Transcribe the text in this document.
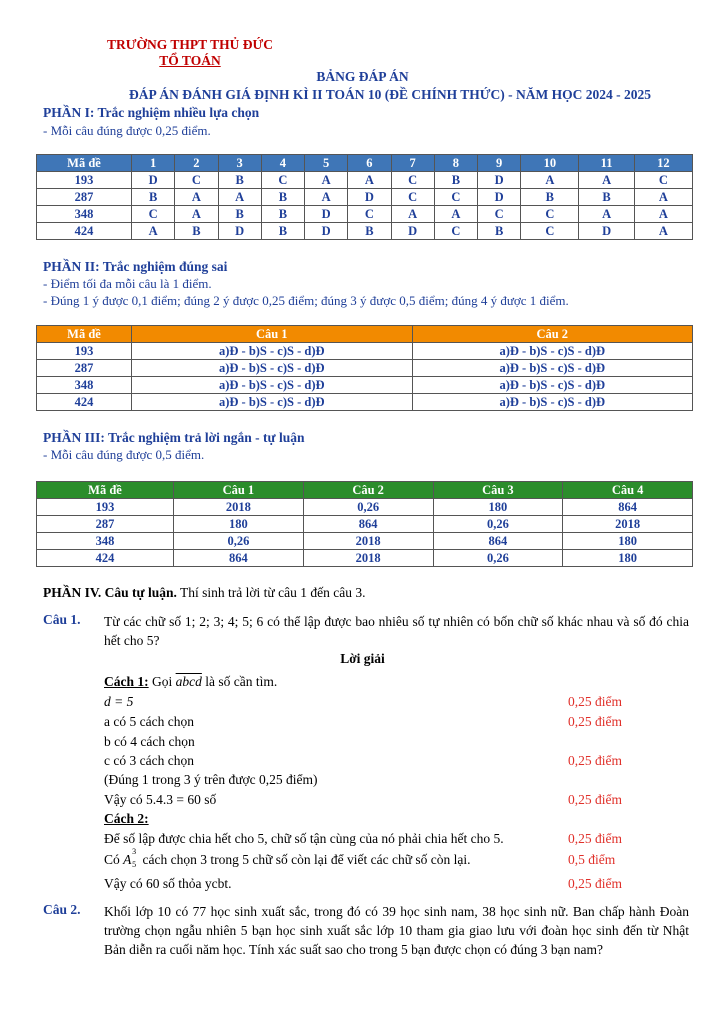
TRƯỜNG THPT THỦ ĐỨC
TỔ TOÁN
BẢNG ĐÁP ÁN
ĐÁP ÁN ĐÁNH GIÁ ĐỊNH KÌ II TOÁN 10 (ĐỀ CHÍNH THỨC) - NĂM HỌC 2024 - 2025
PHẦN I: Trắc nghiệm nhiều lựa chọn
- Mỗi câu đúng được 0,25 điểm.
Mã đề	1	2	3	4	5	6	7	8	9	10	11	12
193	D	C	B	C	A	A	C	B	D	A	A	C
287	B	A	A	B	A	D	C	C	D	B	B	A
348	C	A	B	B	D	C	A	A	C	C	A	A
424	A	B	D	B	D	B	D	C	B	C	D	A
PHẦN II: Trắc nghiệm đúng sai
- Điểm tối đa mỗi câu là 1 điểm.
- Đúng 1 ý được 0,1 điểm; đúng 2 ý được 0,25 điểm; đúng 3 ý được 0,5 điểm; đúng 4 ý được 1 điểm.
Mã đề	Câu 1	Câu 2
193	a)Đ - b)S - c)S - d)Đ	a)Đ - b)S - c)S - d)Đ
287	a)Đ - b)S - c)S - d)Đ	a)Đ - b)S - c)S - d)Đ
348	a)Đ - b)S - c)S - d)Đ	a)Đ - b)S - c)S - d)Đ
424	a)Đ - b)S - c)S - d)Đ	a)Đ - b)S - c)S - d)Đ
PHẦN III: Trắc nghiệm trả lời ngắn - tự luận
- Mỗi câu đúng được 0,5 điểm.
Mã đề	Câu 1	Câu 2	Câu 3	Câu 4
193	2018	0,26	180	864
287	180	864	0,26	2018
348	0,26	2018	864	180
424	864	2018	0,26	180
PHẦN IV. Câu tự luận. Thí sinh trả lời từ câu 1 đến câu 3.
Câu 1. Từ các chữ số 1; 2; 3; 4; 5; 6 có thể lập được bao nhiêu số tự nhiên có bốn chữ số khác nhau và số đó chia hết cho 5?
Lời giải
Cách 1: Gọi abcd là số cần tìm.
d = 5	0,25 điểm
a có 5 cách chọn	0,25 điểm
b có 4 cách chọn
c có 3 cách chọn	0,25 điểm
(Đúng 1 trong 3 ý trên được 0,25 điểm)
Vậy có 5.4.3 = 60 số	0,25 điểm
Cách 2:
Để số lập được chia hết cho 5, chữ số tận cùng của nó phải chia hết cho 5.	0,25 điểm
Có A
3
5 cách chọn 3 trong 5 chữ số còn lại để viết các chữ số còn lại.	0,5 điểm
Vậy có 60 số thỏa ycbt.	0,25 điểm
Câu 2. Khối lớp 10 có 77 học sinh xuất sắc, trong đó có 39 học sinh nam, 38 học sinh nữ. Ban chấp hành Đoàn trường chọn ngẫu nhiên 5 bạn học sinh xuất sắc lớp 10 tham gia giao lưu với đoàn học sinh đến từ Nhật Bản diễn ra cuối năm học. Tính xác suất sao cho trong 5 bạn được chọn có đúng 3 bạn nam?
